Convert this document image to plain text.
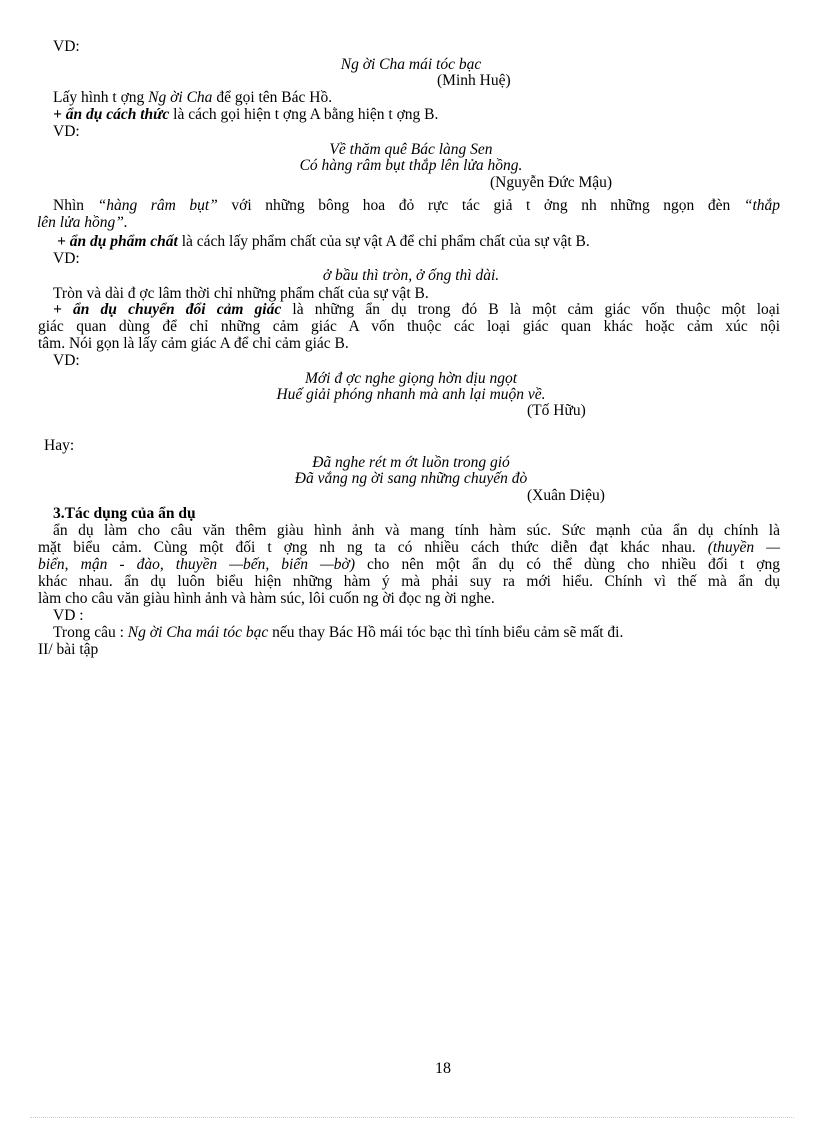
VD:
Ng ời Cha mái tóc bạc
(Minh Huệ)
Lấy hình t ợng Ng ời Cha để gọi tên Bác Hồ.
+ ẩn dụ cách thức là cách gọi hiện t ợng A bằng hiện t ợng B.
VD:
Về thăm quê Bác làng Sen
Có hàng râm bụt thắp lên lửa hồng.
(Nguyễn Đức Mậu)
Nhìn “hàng râm bụt” với những bông hoa đỏ rực tác giả t ởng nh những ngọn đèn “thắp
lên lửa hồng”.
+ ẩn dụ phẩm chất là cách lấy phẩm chất của sự vật A để chỉ phẩm chất của sự vật B.
VD:
ở bầu thì tròn, ở ống thì dài.
Tròn và dài đ ợc lâm thời chỉ những phẩm chất của sự vật B.
+ ẩn dụ chuyển đổi cảm giác là những ẩn dụ trong đó B là một cảm giác vốn thuộc một loại
giác quan dùng để chỉ những cảm giác A vốn thuộc các loại giác quan khác hoặc cảm xúc nội
tâm. Nói gọn là lấy cảm giác A để chỉ cảm giác B.
VD:
Mới đ ợc nghe giọng hờn dịu ngọt
Huế giải phóng nhanh mà anh lại muộn về.
(Tố Hữu)
Hay:
Đã nghe rét m ớt luồn trong gió
Đã vắng ng ời sang những chuyến đò
(Xuân Diệu)
3.Tác dụng của ẩn dụ
ẩn dụ làm cho câu văn thêm giàu hình ảnh và mang tính hàm súc. Sức mạnh của ẩn dụ chính là
mặt biểu cảm. Cùng một đối t ợng nh ng ta có nhiều cách thức diễn đạt khác nhau. (thuyền —
biển, mận - đào, thuyền —bến, biển —bờ) cho nên một ẩn dụ có thể dùng cho nhiều đối t ợng
khác nhau. ẩn dụ luôn biểu hiện những hàm ý mà phải suy ra mới hiểu. Chính vì thế mà ẩn dụ
làm cho câu văn giàu hình ảnh và hàm súc, lôi cuốn ng ời đọc ng ời nghe.
VD :
Trong câu : Ng ời Cha mái tóc bạc nếu thay Bác Hồ mái tóc bạc thì tính biểu cảm sẽ mất đi.
II/ bài tập
18
